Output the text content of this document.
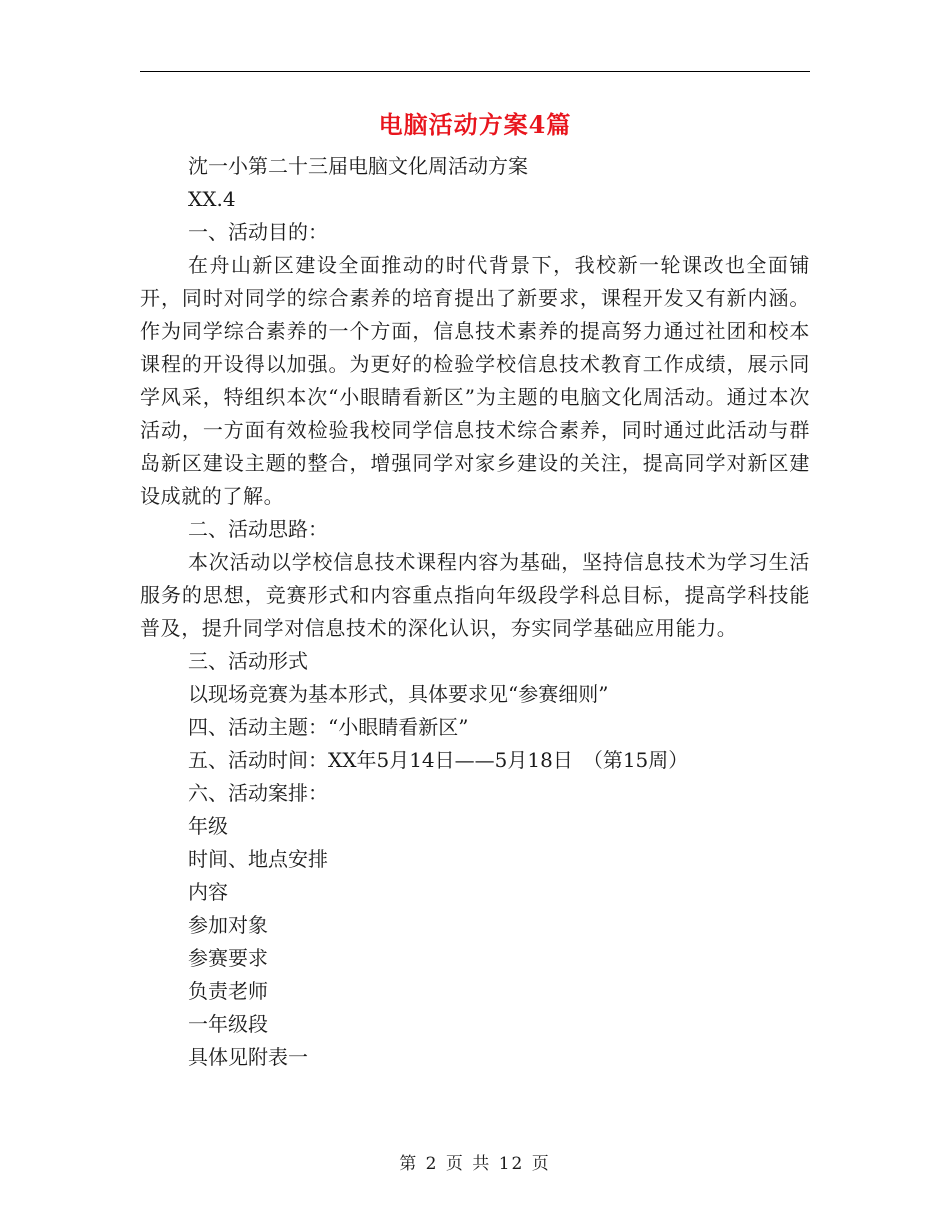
电脑活动方案4篇

沈一小第二十三届电脑文化周活动方案

XX.4

一、活动目的：

在舟山新区建设全面推动的时代背景下，我校新一轮课改也全面铺开，同时对同学的综合素养的培育提出了新要求，课程开发又有新内涵。作为同学综合素养的一个方面，信息技术素养的提高努力通过社团和校本课程的开设得以加强。为更好的检验学校信息技术教育工作成绩，展示同学风采，特组织本次“小眼睛看新区”为主题的电脑文化周活动。通过本次活动，一方面有效检验我校同学信息技术综合素养，同时通过此活动与群岛新区建设主题的整合，增强同学对家乡建设的关注，提高同学对新区建设成就的了解。

二、活动思路：

本次活动以学校信息技术课程内容为基础，坚持信息技术为学习生活服务的思想，竞赛形式和内容重点指向年级段学科总目标，提高学科技能普及，提升同学对信息技术的深化认识，夯实同学基础应用能力。

三、活动形式

以现场竞赛为基本形式，具体要求见“参赛细则”

四、活动主题：“小眼睛看新区”

五、活动时间：XX年5月14日——5月18日　（第15周）

六、活动案排：

年级

时间、地点安排

内容

参加对象

参赛要求

负责老师

一年级段

具体见附表一

第 2 页 共 12 页
